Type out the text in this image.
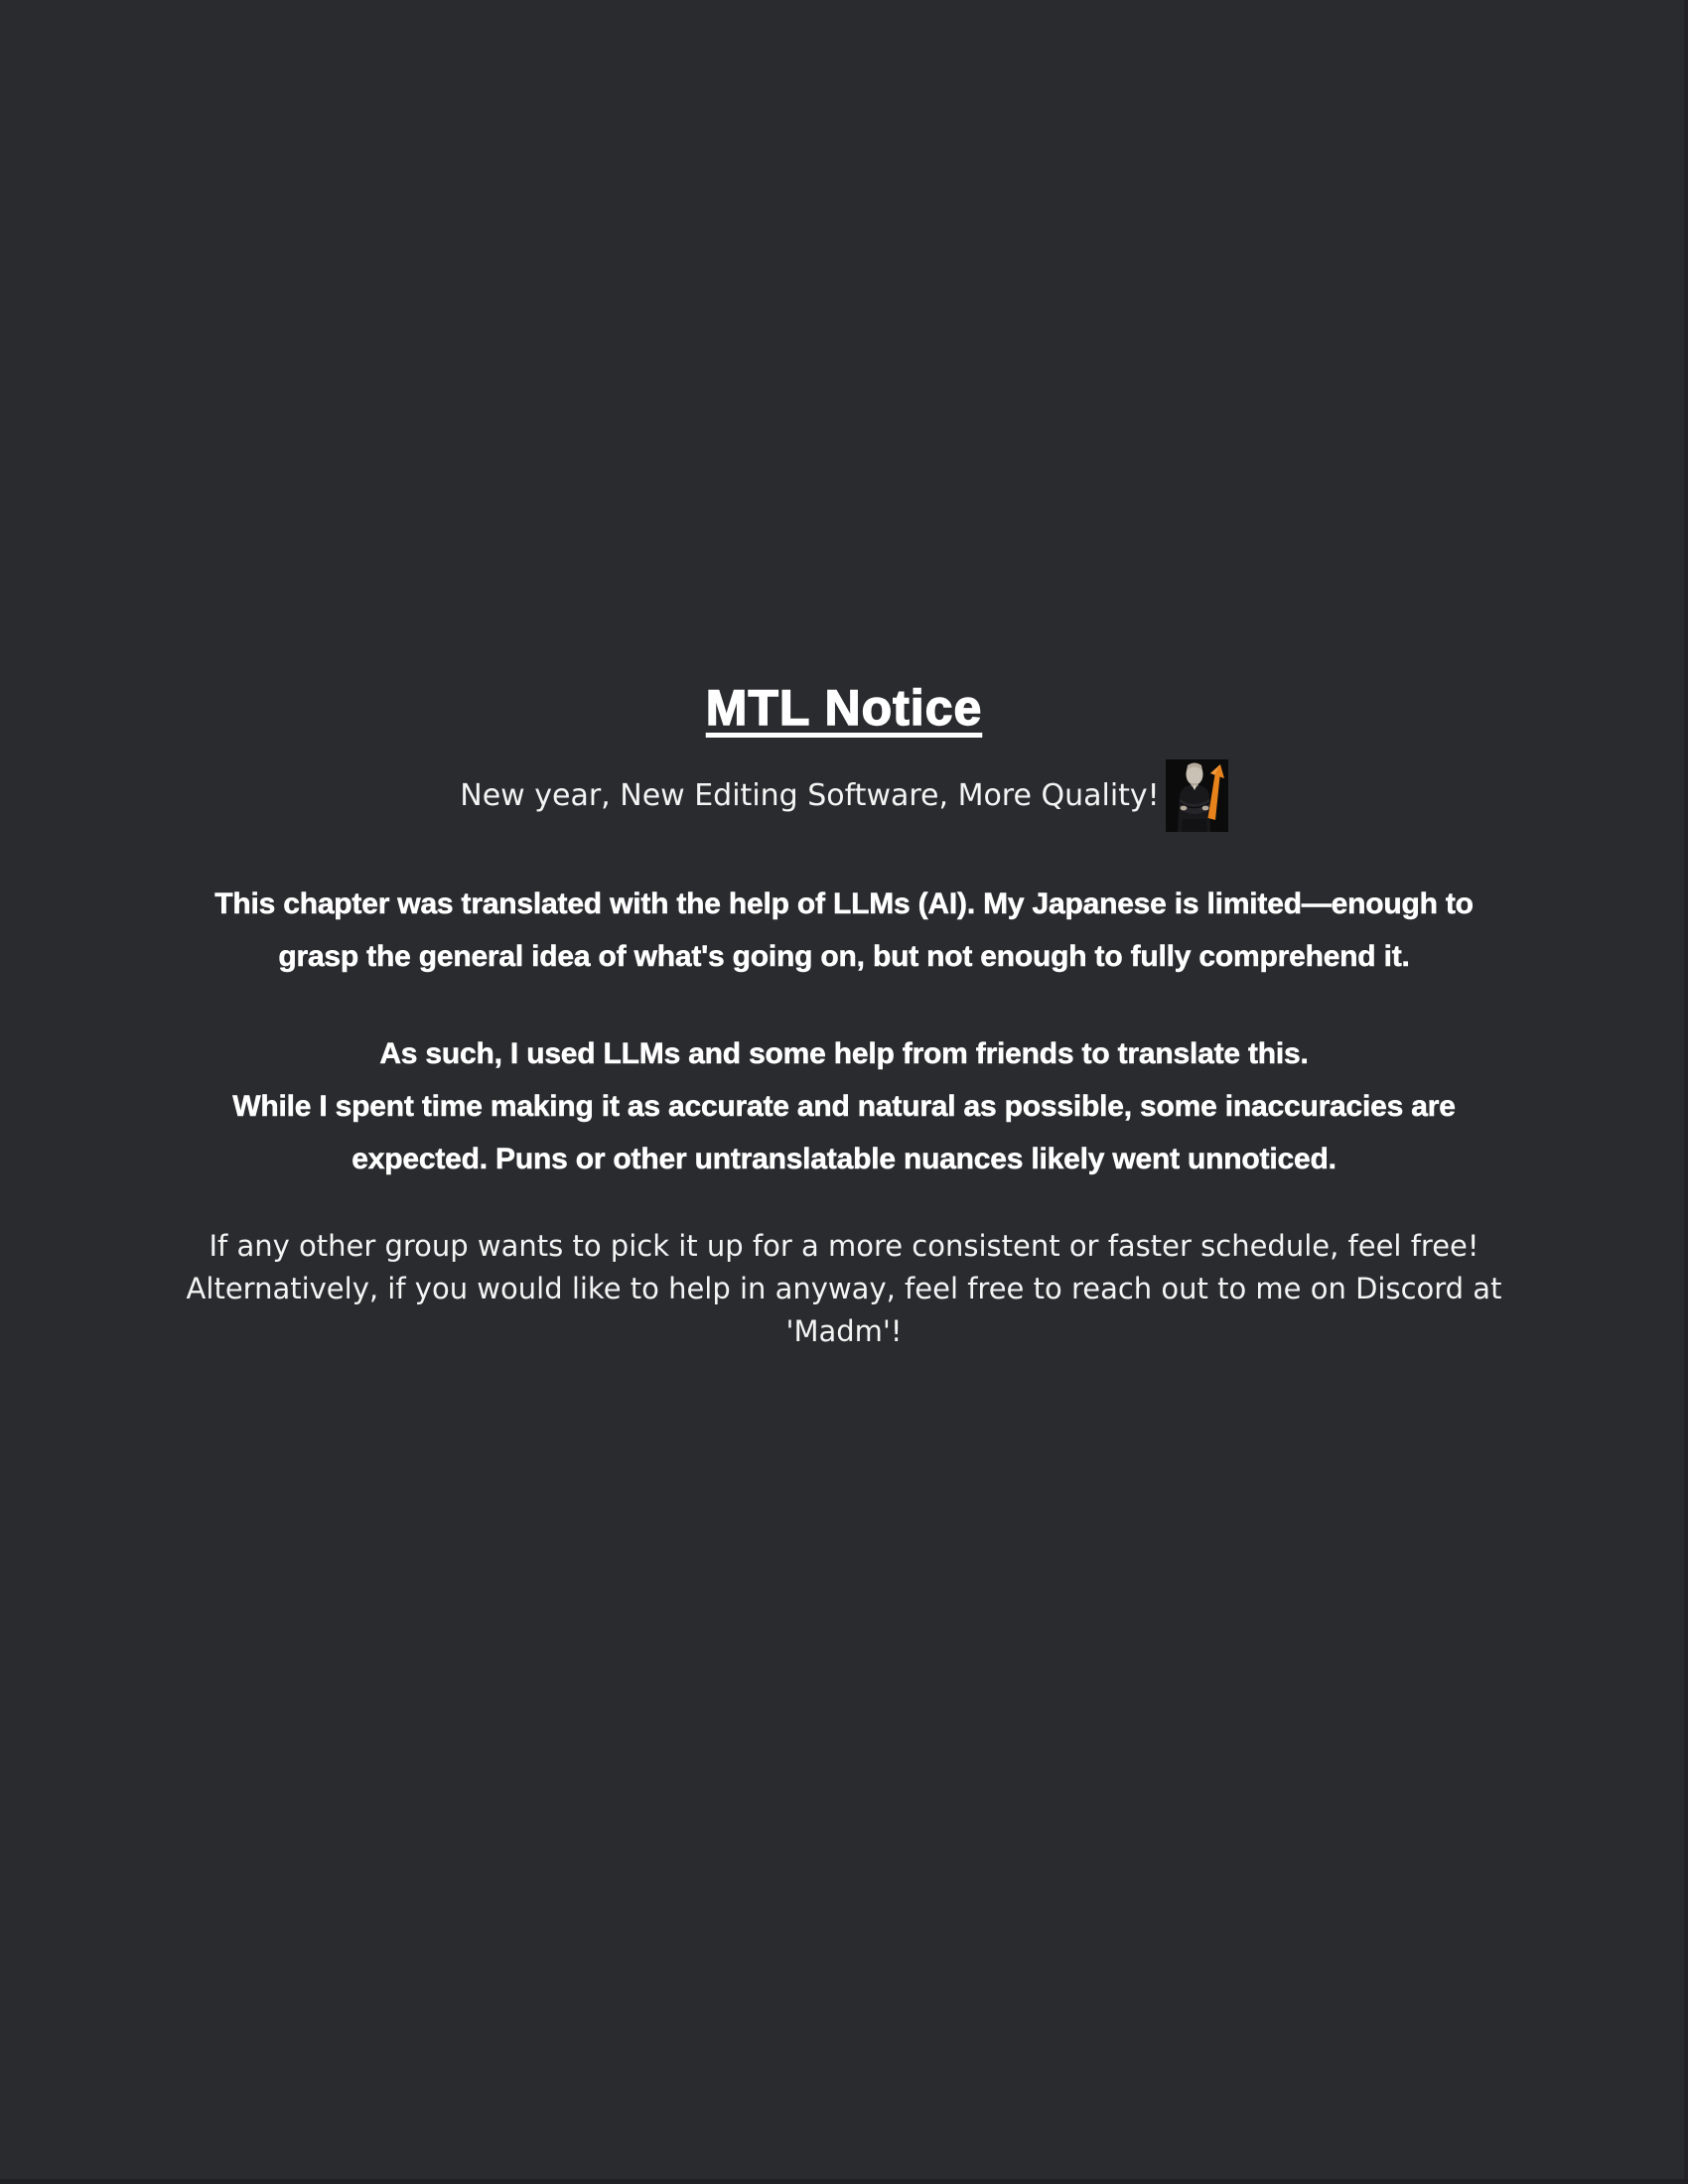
MTL Notice
New year, New Editing Software, More Quality!
This chapter was translated with the help of LLMs (AI). My Japanese is limited—enough to
grasp the general idea of what's going on, but not enough to fully comprehend it.
As such, I used LLMs and some help from friends to translate this.
While I spent time making it as accurate and natural as possible, some inaccuracies are
expected. Puns or other untranslatable nuances likely went unnoticed.
If any other group wants to pick it up for a more consistent or faster schedule, feel free!
Alternatively, if you would like to help in anyway, feel free to reach out to me on Discord at
'Madm'!
